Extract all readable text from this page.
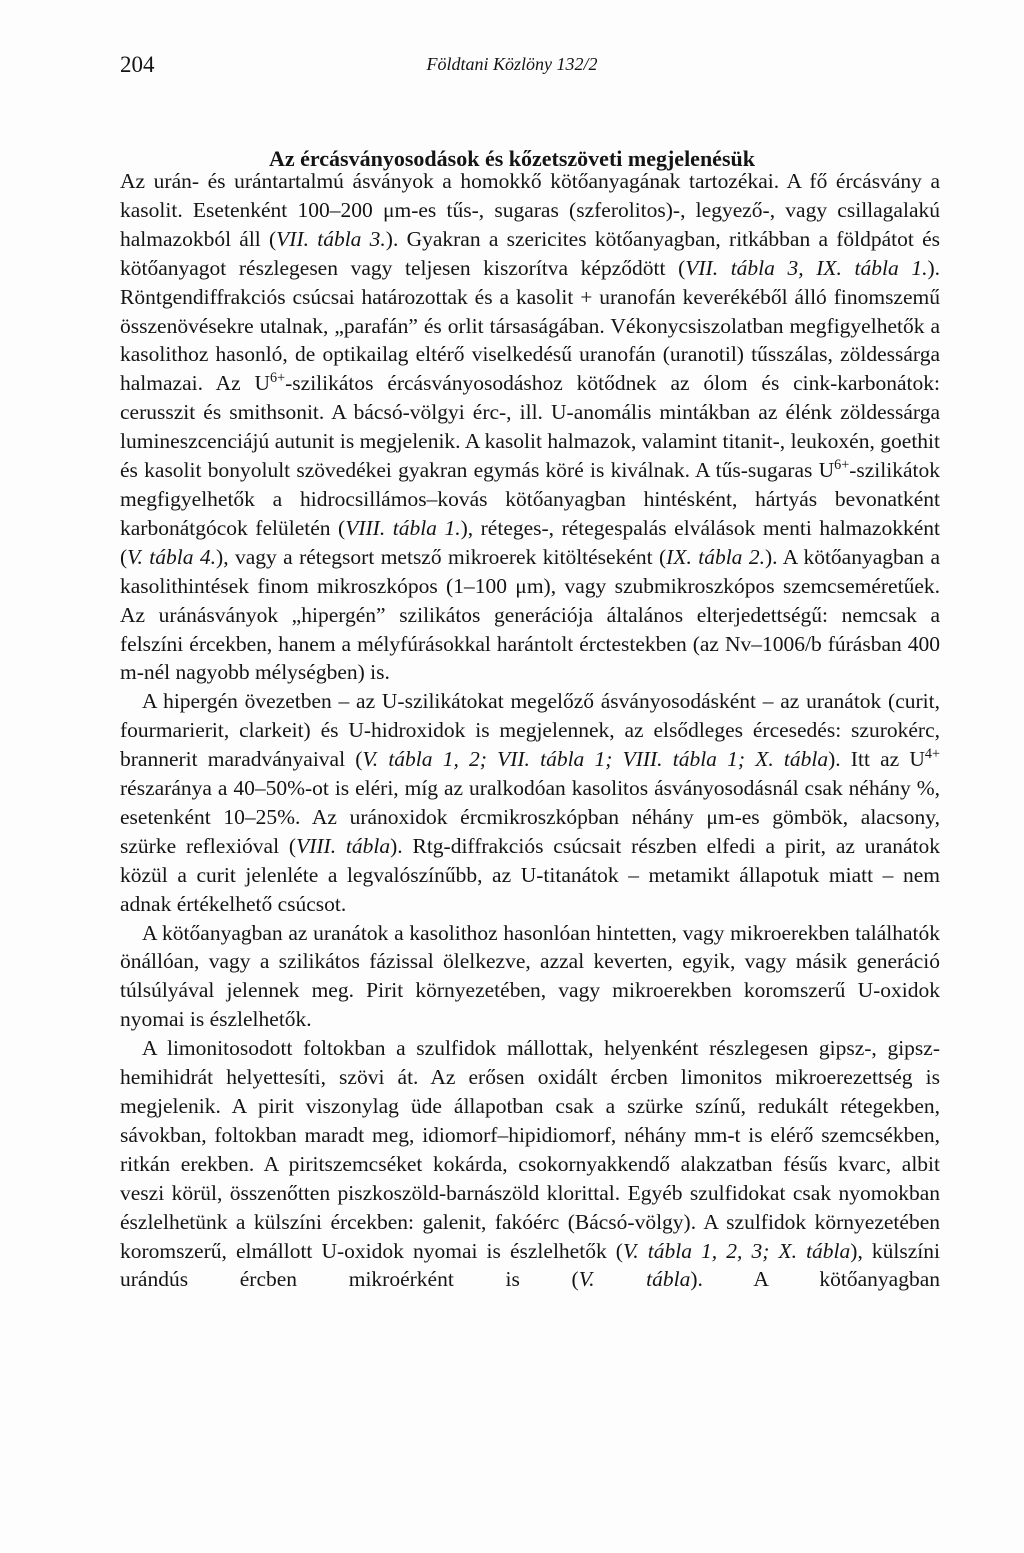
204	Földtani Közlöny 132/2
Az ércásványosodások és kőzetszöveti megjelenésük

Az urán- és urántartalmú ásványok a homokkő kötőanyagának tartozékai. A fő ércásvány a kasolit. Esetenként 100–200 μm-es tűs-, sugaras (szferolitos)-, legyező-, vagy csillagalakú halmazokból áll (VII. tábla 3.). Gyakran a szericites kötőanyagban, ritkábban a földpátot és kötőanyagot részlegesen vagy teljesen kiszorítva képződött (VII. tábla 3, IX. tábla 1.). Röntgendiffrakciós csúcsai határozottak és a kasolit + uranofán keverékéből álló finomszemű összenövésekre utalnak, „parafán” és orlit társaságában. Vékonycsiszolatban megfigyelhetők a kasolithoz hasonló, de optikailag eltérő viselkedésű uranofán (uranotil) tűsszálas, zöldessárga halmazai. Az $U^{6+}$-szilikátos ércásványosodáshoz kötődnek az ólom és cink-karbonátok: cerusszit és smithsonit. A bácsó-völgyi érc-, ill. U-anomális mintákban az élénk zöldessárga lumineszcenciájú autunit is megjelenik. A kasolit halmazok, valamint titanit-, leukoxén, goethit és kasolit bonyolult szövedékei gyakran egymás köré is kiválnak. A tűs-sugaras $U^{6+}$-szilikátok megfigyelhetők a hidrocsillámos–kovás kötőanyagban hintésként, hártyás bevonatként karbonátgócok felületén (VIII. tábla 1.), réteges-, rétegespalás elválások menti halmazokként (V. tábla 4.), vagy a rétegsort metsző mikroerek kitöltéseként (IX. tábla 2.). A kötőanyagban a kasolithintések finom mikroszkópos (1–100 μm), vagy szubmikroszkópos szemcseméretűek. Az uránásványok „hipergén” szilikátos generációja általános elterjedettségű: nemcsak a felszíni ércekben, hanem a mélyfúrásokkal harántolt érctestekben (az Nv–1006/b fúrásban 400 m-nél nagyobb mélységben) is.

A hipergén övezetben – az U-szilikátokat megelőző ásványosodásként – az uranátok (curit, fourmarierit, clarkeit) és U-hidroxidok is megjelennek, az elsődleges ércesedés: szurokérc, brannerit maradványaival (V. tábla 1, 2; VII. tábla 1; VIII. tábla 1; X. tábla). Itt az $U^{4+}$ részaránya a 40–50%-ot is eléri, míg az uralkodóan kasolitos ásványosodásnál csak néhány %, esetenként 10–25%. Az uránoxidok ércmikroszkópban néhány μm-es gömbök, alacsony, szürke reflexióval (VIII. tábla). Rtg-diffrakciós csúcsait részben elfedi a pirit, az uranátok közül a curit jelenléte a legvalószínűbb, az U-titanátok – metamikt állapotuk miatt – nem adnak értékelhető csúcsot.

A kötőanyagban az uranátok a kasolithoz hasonlóan hintetten, vagy mikroerekben találhatók önállóan, vagy a szilikátos fázissal ölelkezve, azzal keverten, egyik, vagy másik generáció túlsúlyával jelennek meg. Pirit környezetében, vagy mikroerekben koromszerű U-oxidok nyomai is észlelhetők.

A limonitosodott foltokban a szulfidok mállottak, helyenként részlegesen gipsz-, gipsz-hemihidrát helyettesíti, szövi át. Az erősen oxidált ércben limonitos mikroerezettség is megjelenik. A pirit viszonylag üde állapotban csak a szürke színű, redukált rétegekben, sávokban, foltokban maradt meg, idiomorf–hipidiomorf, néhány mm-t is elérő szemcsékben, ritkán erekben. A piritszemcséket kokárda, csokornyakkendő alakzatban fésűs kvarc, albit veszi körül, összenőtten piszkoszöld-barnászöld klorittal. Egyéb szulfidokat csak nyomokban észlelhetünk a külszíni ércekben: galenit, fakóérc (Bácsó-völgy). A szulfidok környezetében koromszerű, elmállott U-oxidok nyomai is észlelhetők (V. tábla 1, 2, 3; X. tábla), külszíni urándús ércben mikroérként is (V. tábla). A kötőanyagban
